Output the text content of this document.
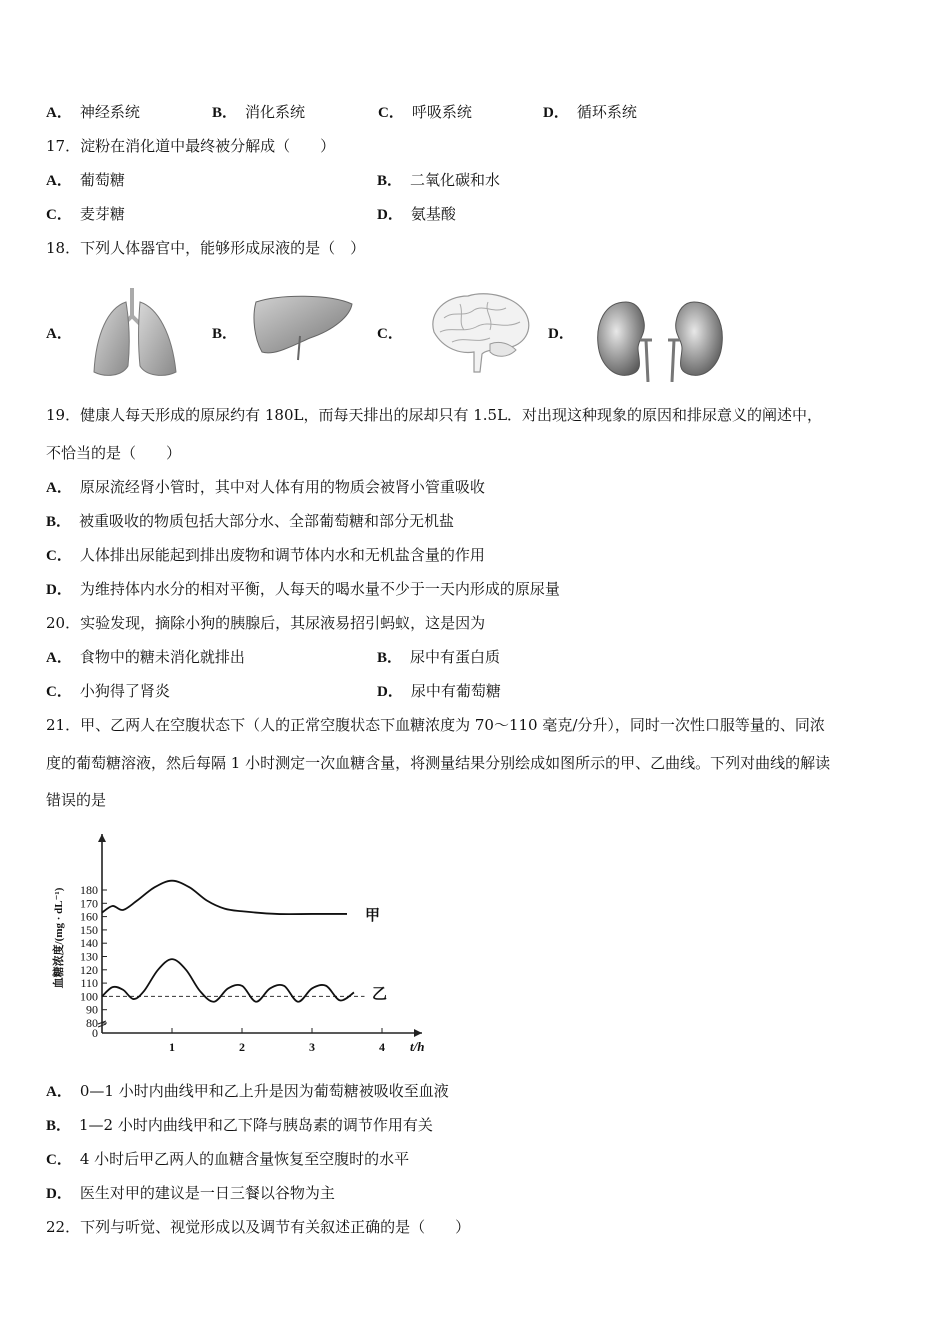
A． 神经系统	B． 消化系统	C． 呼吸系统	D． 循环系统
17．淀粉在消化道中最终被分解成（　　）
A． 葡萄糖	B． 二氧化碳和水
C． 麦芽糖	D． 氨基酸
18．下列人体器官中，能够形成尿液的是（　）
A．	B．	C．	D．
19．健康人每天形成的原尿约有 180L，而每天排出的尿却只有 1.5L．对出现这种现象的原因和排尿意义的阐述中，
不恰当的是（　　）
A． 原尿流经肾小管时，其中对人体有用的物质会被肾小管重吸收
B． 被重吸收的物质包括大部分水、全部葡萄糖和部分无机盐
C． 人体排出尿能起到排出废物和调节体内水和无机盐含量的作用
D． 为维持体内水分的相对平衡，人每天的喝水量不少于一天内形成的原尿量
20．实验发现，摘除小狗的胰腺后，其尿液易招引蚂蚁，这是因为
A． 食物中的糖未消化就排出	B． 尿中有蛋白质
C． 小狗得了肾炎	D． 尿中有葡萄糖
21．甲、乙两人在空腹状态下（人的正常空腹状态下血糖浓度为 70～110 毫克/分升），同时一次性口服等量的、同浓
度的葡萄糖溶液，然后每隔 1 小时测定一次血糖含量，将测量结果分别绘成如图所示的甲、乙曲线。下列对曲线的解读
错误的是
0
80
90
100
110
120
130
140
150
160
170
180
1	2	3	4 t/h
血糖浓度/(mg · dL⁻¹)	甲
乙
A． 0—1 小时内曲线甲和乙上升是因为葡萄糖被吸收至血液
B． 1—2 小时内曲线甲和乙下降与胰岛素的调节作用有关
C． 4 小时后甲乙两人的血糖含量恢复至空腹时的水平
D． 医生对甲的建议是一日三餐以谷物为主
22．下列与听觉、视觉形成以及调节有关叙述正确的是（　　）
